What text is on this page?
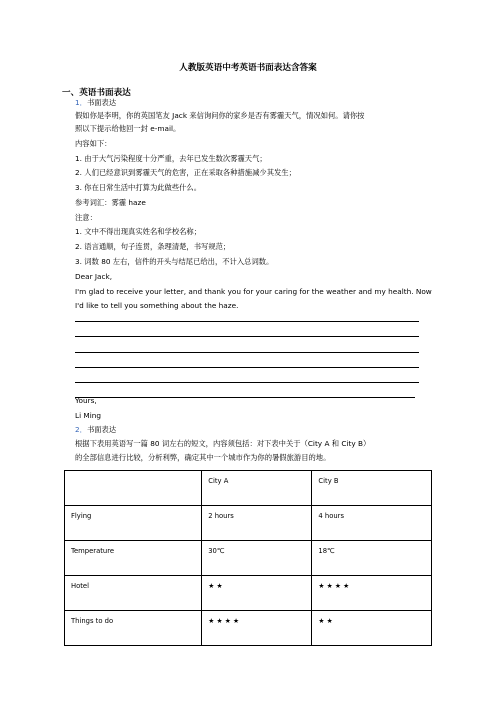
人教版英语中考英语书面表达含答案
一、英语书面表达
1．书面表达
假如你是李明，你的英国笔友 Jack 来信询问你的家乡是否有雾霾天气，情况如何。请你按
照以下提示给他回一封 e-mail。
内容如下：
1. 由于大气污染程度十分严重，去年已发生数次雾霾天气；
2. 人们已经意识到雾霾天气的危害，正在采取各种措施减少其发生；
3. 你在日常生活中打算为此做些什么。
参考词汇：雾霾 haze
注意：
1. 文中不得出现真实姓名和学校名称；
2. 语言通顺，句子连贯，条理清楚，书写规范；
3. 词数 80 左右，信件的开头与结尾已给出，不计入总词数。
Dear Jack,
I'm glad to receive your letter, and thank you for your caring for the weather and my health. Now
I'd like to tell you something about the haze.
Yours,
Li Ming
2．书面表达
根据下表用英语写一篇 80 词左右的短文，内容须包括：对下表中关于（City A 和 City B）
的全部信息进行比较，分析利弊，确定其中一个城市作为你的暑假旅游目的地。
	City A	City B
Flying	2 hours	4 hours
Temperature	30℃	18℃
Hotel	★ ★	★ ★ ★ ★
Things to do	★ ★ ★ ★	★ ★
